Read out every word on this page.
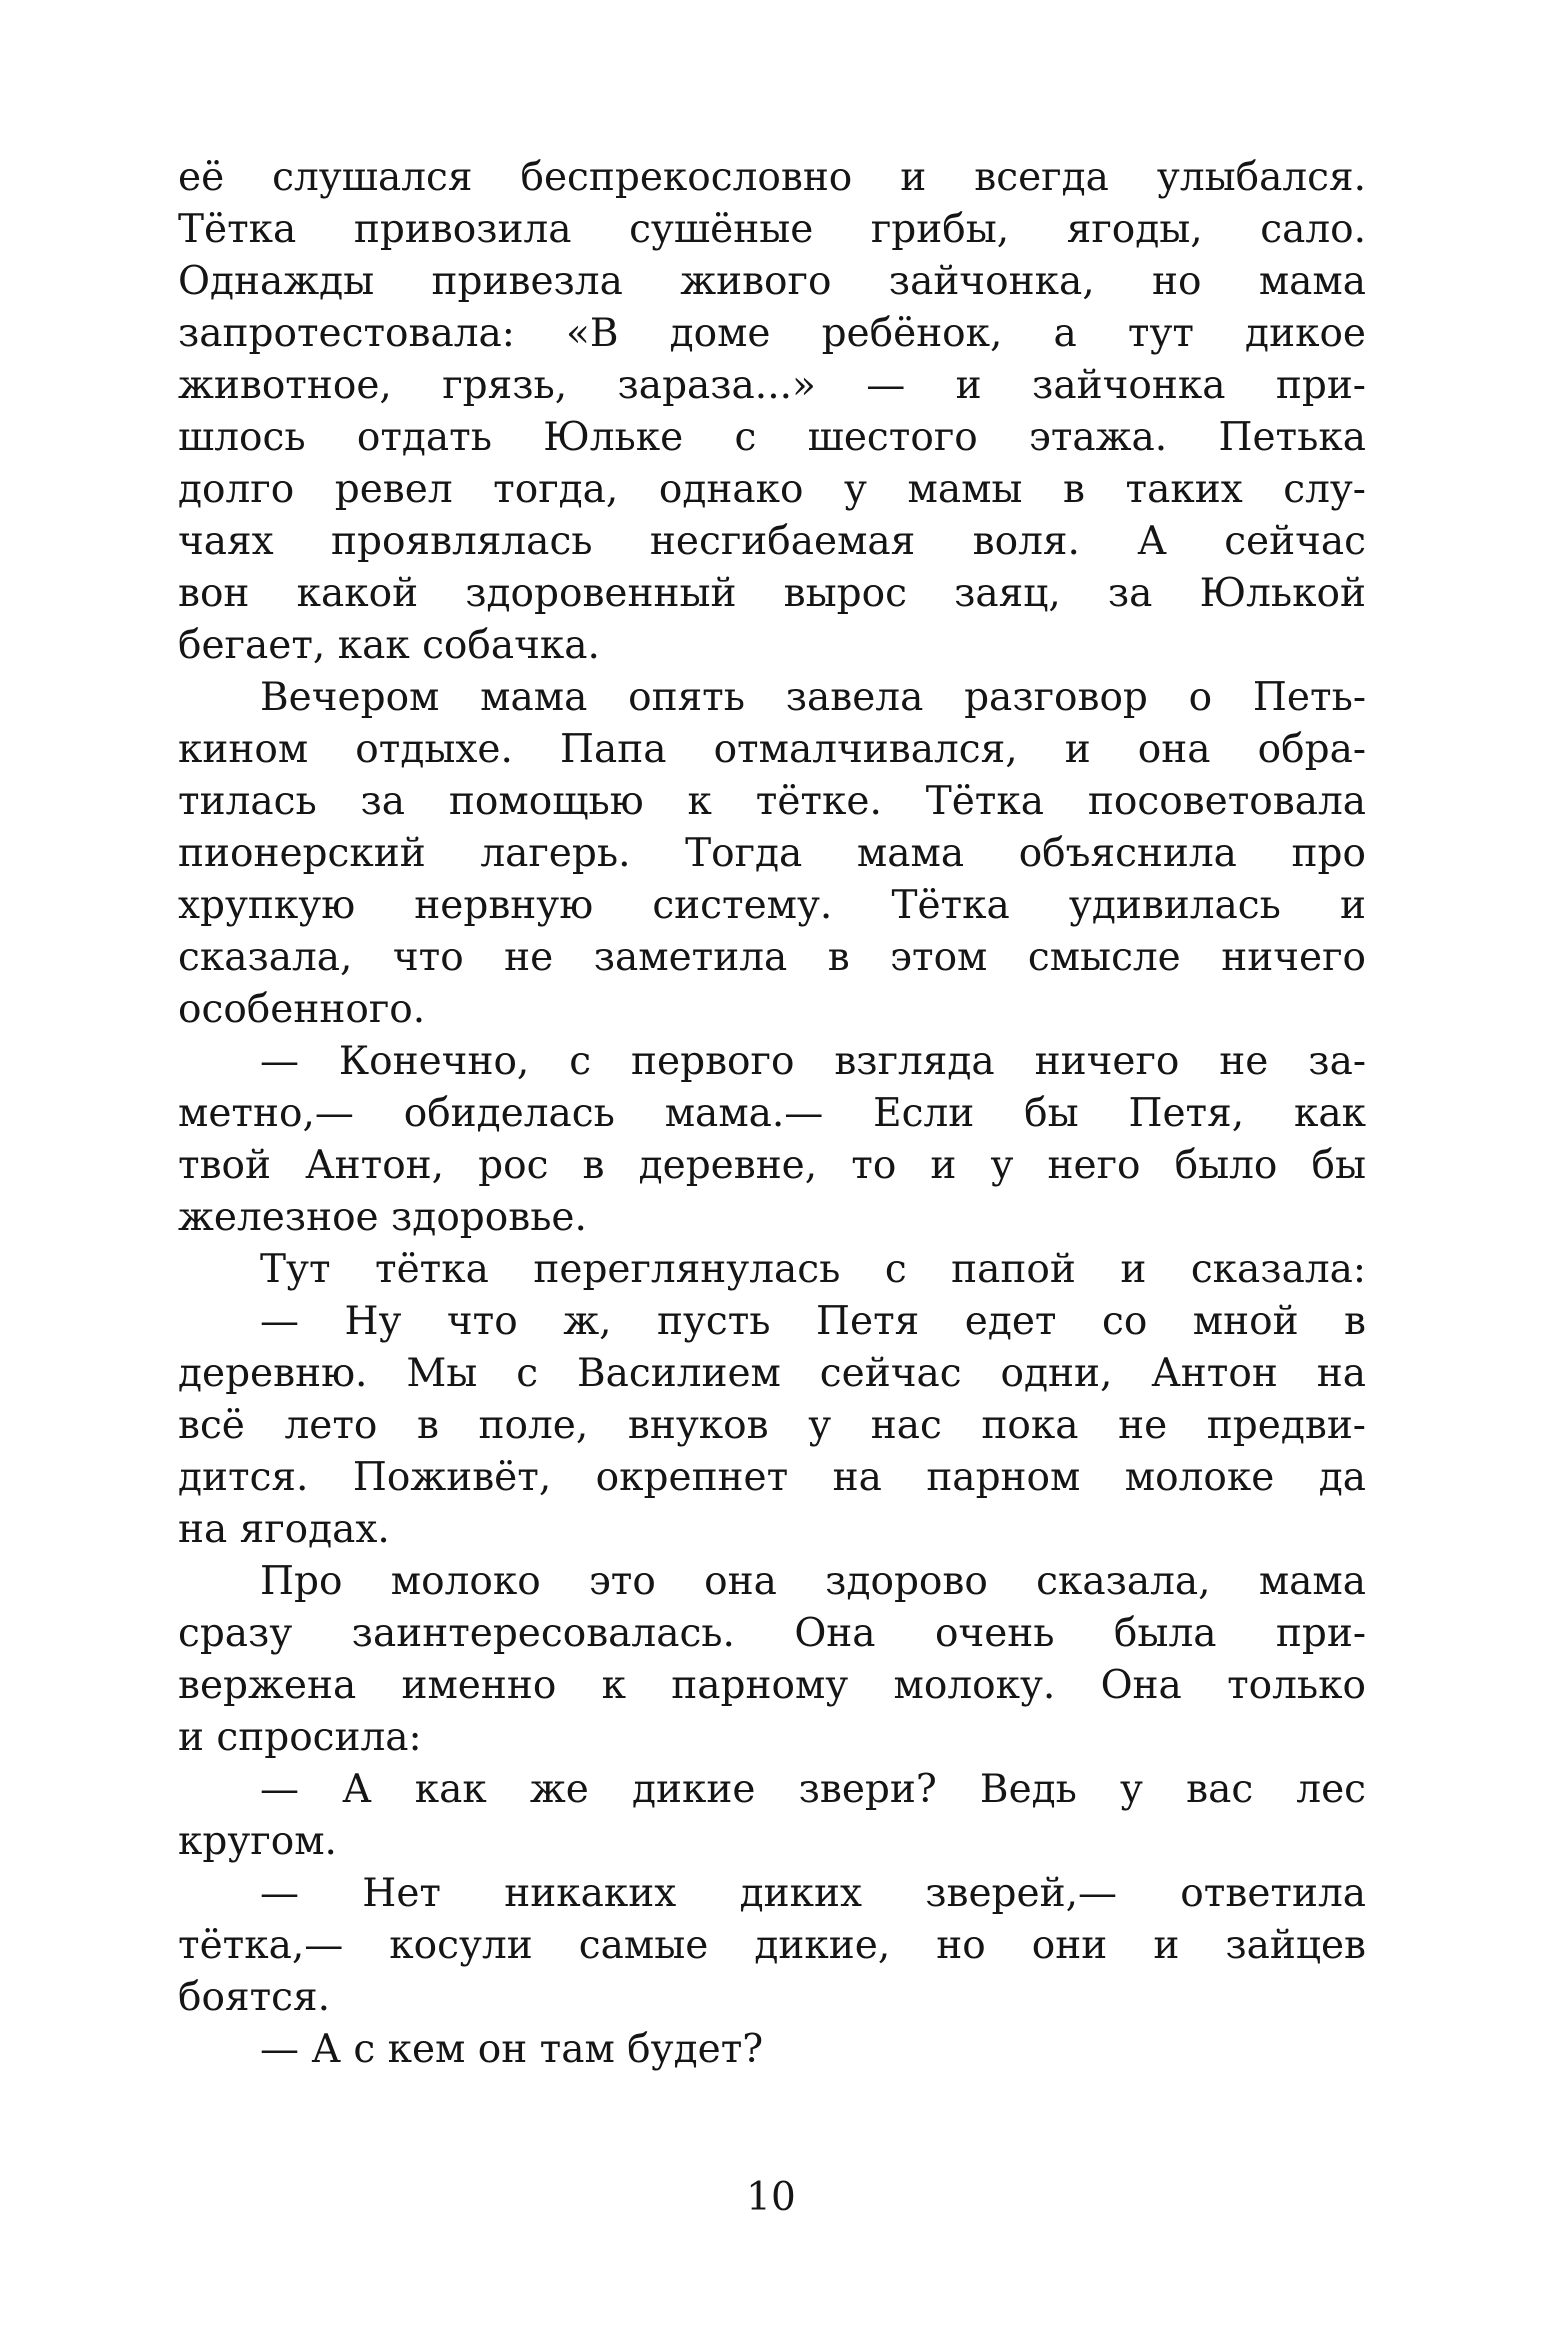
её слушался беспрекословно и всегда улыбался.
Тётка привозила сушёные грибы, ягоды, сало.
Однажды привезла живого зайчонка, но мама
запротестовала: «В доме ребёнок, а тут дикое
животное, грязь, зараза...» — и зайчонка при-
шлось отдать Юльке с шестого этажа. Петька
долго ревел тогда, однако у мамы в таких слу-
чаях проявлялась несгибаемая воля. А сейчас
вон какой здоровенный вырос заяц, за Юлькой
бегает, как собачка.
Вечером мама опять завела разговор о Петь-
кином отдыхе. Папа отмалчивался, и она обра-
тилась за помощью к тётке. Тётка посоветовала
пионерский лагерь. Тогда мама объяснила про
хрупкую нервную систему. Тётка удивилась и
сказала, что не заметила в этом смысле ничего
особенного.
— Конечно, с первого взгляда ничего не за-
метно,— обиделась мама.— Если бы Петя, как
твой Антон, рос в деревне, то и у него было бы
железное здоровье.
Тут тётка переглянулась с папой и сказала:
— Ну что ж, пусть Петя едет со мной в
деревню. Мы с Василием сейчас одни, Антон на
всё лето в поле, внуков у нас пока не предви-
дится. Поживёт, окрепнет на парном молоке да
на ягодах.
Про молоко это она здорово сказала, мама
сразу заинтересовалась. Она очень была при-
вержена именно к парному молоку. Она только
и спросила:
— А как же дикие звери? Ведь у вас лес
кругом.
— Нет никаких диких зверей,— ответила
тётка,— косули самые дикие, но они и зайцев
боятся.
— А с кем он там будет?
10
